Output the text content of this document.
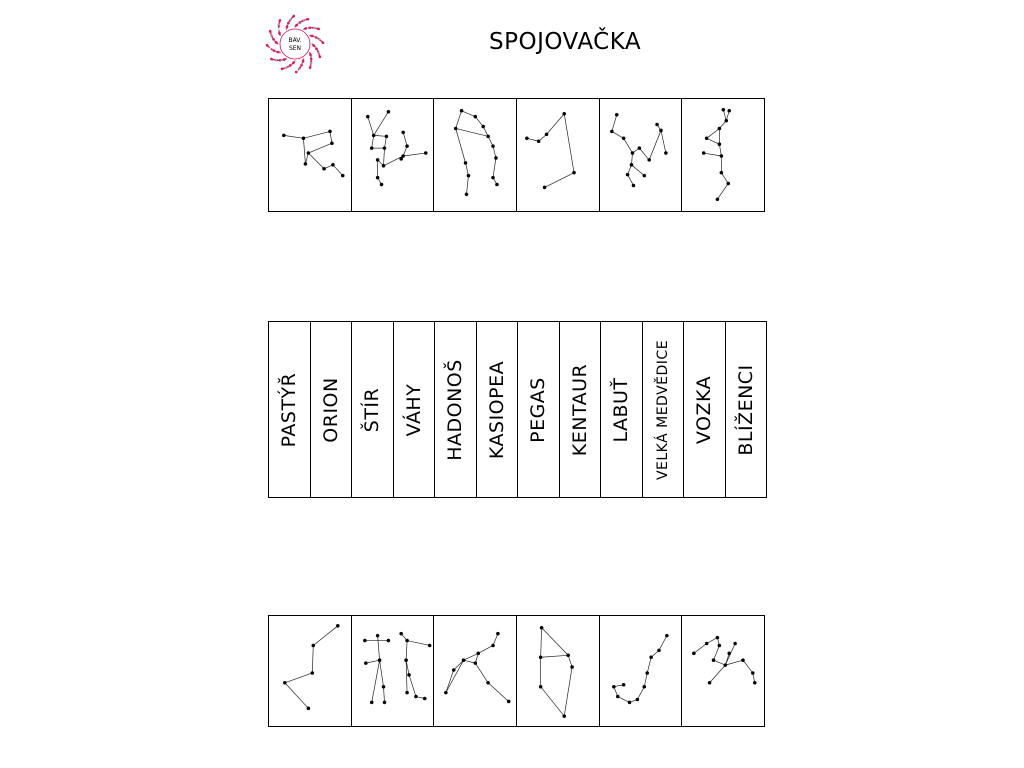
BAV.
SEN	SPOJOVAČKA
PASTÝŘ ORION ŠTÍR VÁHY HADONOŠ KASIOPEA PEGAS KENTAUR LABUŤ VELKÁ MEDVĚDICE VOZKA BLÍŽENCI
